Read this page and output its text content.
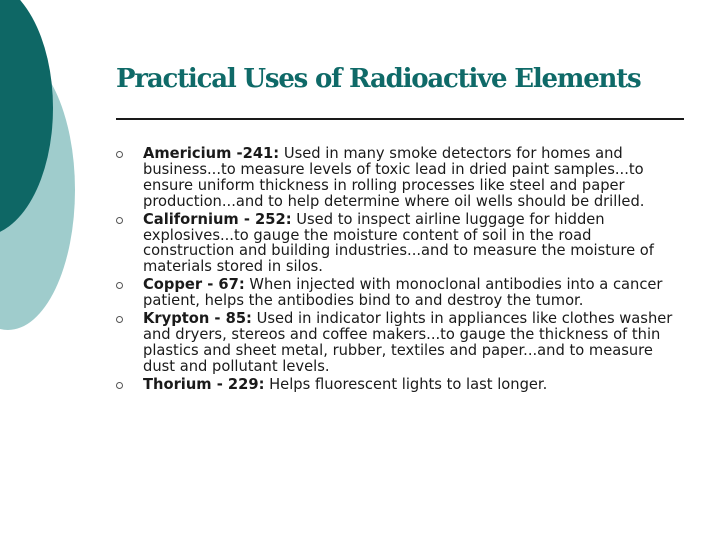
Practical Uses of Radioactive Elements
Americium -241: Used in many smoke detectors for homes and business...to measure levels of toxic lead in dried paint samples...to ensure uniform thickness in rolling processes like steel and paper production...and to help determine where oil wells should be drilled.
Californium - 252: Used to inspect airline luggage for hidden explosives...to gauge the moisture content of soil in the road construction and building industries...and to measure the moisture of materials stored in silos.
Copper - 67: When injected with monoclonal antibodies into a cancer patient, helps the antibodies bind to and destroy the tumor.
Krypton - 85: Used in indicator lights in appliances like clothes washer and dryers, stereos and coffee makers...to gauge the thickness of thin plastics and sheet metal, rubber, textiles and paper...and to measure dust and pollutant levels.
Thorium - 229: Helps fluorescent lights to last longer.
